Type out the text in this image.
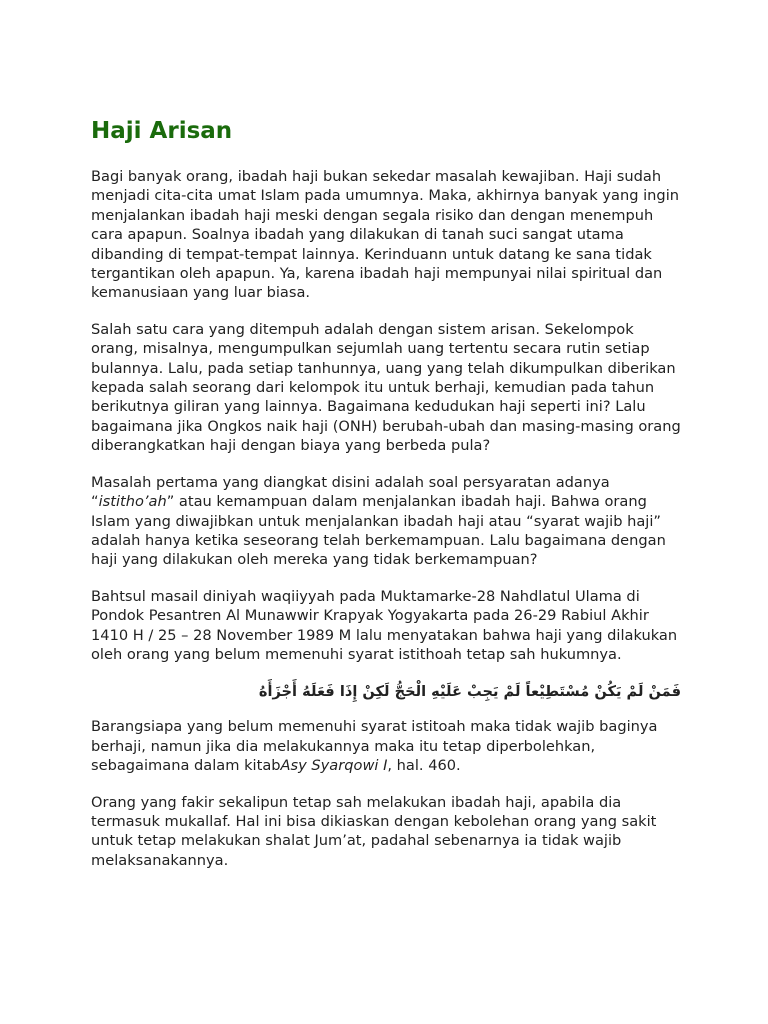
Haji Arisan

Bagi banyak orang, ibadah haji bukan sekedar masalah kewajiban. Haji sudah menjadi cita-cita umat Islam pada umumnya. Maka, akhirnya banyak yang ingin menjalankan ibadah haji meski dengan segala risiko dan dengan menempuh cara apapun. Soalnya ibadah yang dilakukan di tanah suci sangat utama dibanding di tempat-tempat lainnya. Kerinduann untuk datang ke sana tidak tergantikan oleh apapun. Ya, karena ibadah haji mempunyai nilai spiritual dan kemanusiaan yang luar biasa.

Salah satu cara yang ditempuh adalah dengan sistem arisan. Sekelompok orang, misalnya, mengumpulkan sejumlah uang tertentu secara rutin setiap bulannya. Lalu, pada setiap tanhunnya, uang yang telah dikumpulkan diberikan kepada salah seorang dari kelompok itu untuk berhaji, kemudian pada tahun berikutnya giliran yang lainnya. Bagaimana kedudukan haji seperti ini? Lalu bagaimana jika Ongkos naik haji (ONH) berubah-ubah dan masing-masing orang diberangkatkan haji dengan biaya yang berbeda pula?

Masalah pertama yang diangkat disini adalah soal persyaratan adanya “istitho’ah” atau kemampuan dalam menjalankan ibadah haji. Bahwa orang Islam yang diwajibkan untuk menjalankan ibadah haji atau “syarat wajib haji” adalah hanya ketika seseorang telah berkemampuan. Lalu bagaimana dengan haji yang dilakukan oleh mereka yang tidak berkemampuan?

Bahtsul masail diniyah waqiiyyah pada Muktamarke-28 Nahdlatul Ulama di Pondok Pesantren Al Munawwir Krapyak Yogyakarta pada 26-29 Rabiul Akhir 1410 H / 25 – 28 November 1989 M lalu menyatakan bahwa haji yang dilakukan oleh orang yang belum memenuhi syarat istithoah tetap sah hukumnya.

فَمَنْ لَمْ يَكُنْ مُسْتَطِيْعاً لَمْ يَجِبْ عَلَيْهِ الْحَجُّ لَكِنْ إِذَا فَعَلَهُ أَجْزَأَهُ

Barangsiapa yang belum memenuhi syarat istitoah maka tidak wajib baginya berhaji, namun jika dia melakukannya maka itu tetap diperbolehkan, sebagaimana dalam kitabAsy Syarqowi I, hal. 460.

Orang yang fakir sekalipun tetap sah melakukan ibadah haji, apabila dia termasuk mukallaf. Hal ini bisa dikiaskan dengan kebolehan orang yang sakit untuk tetap melakukan shalat Jum’at, padahal sebenarnya ia tidak wajib melaksanakannya.
